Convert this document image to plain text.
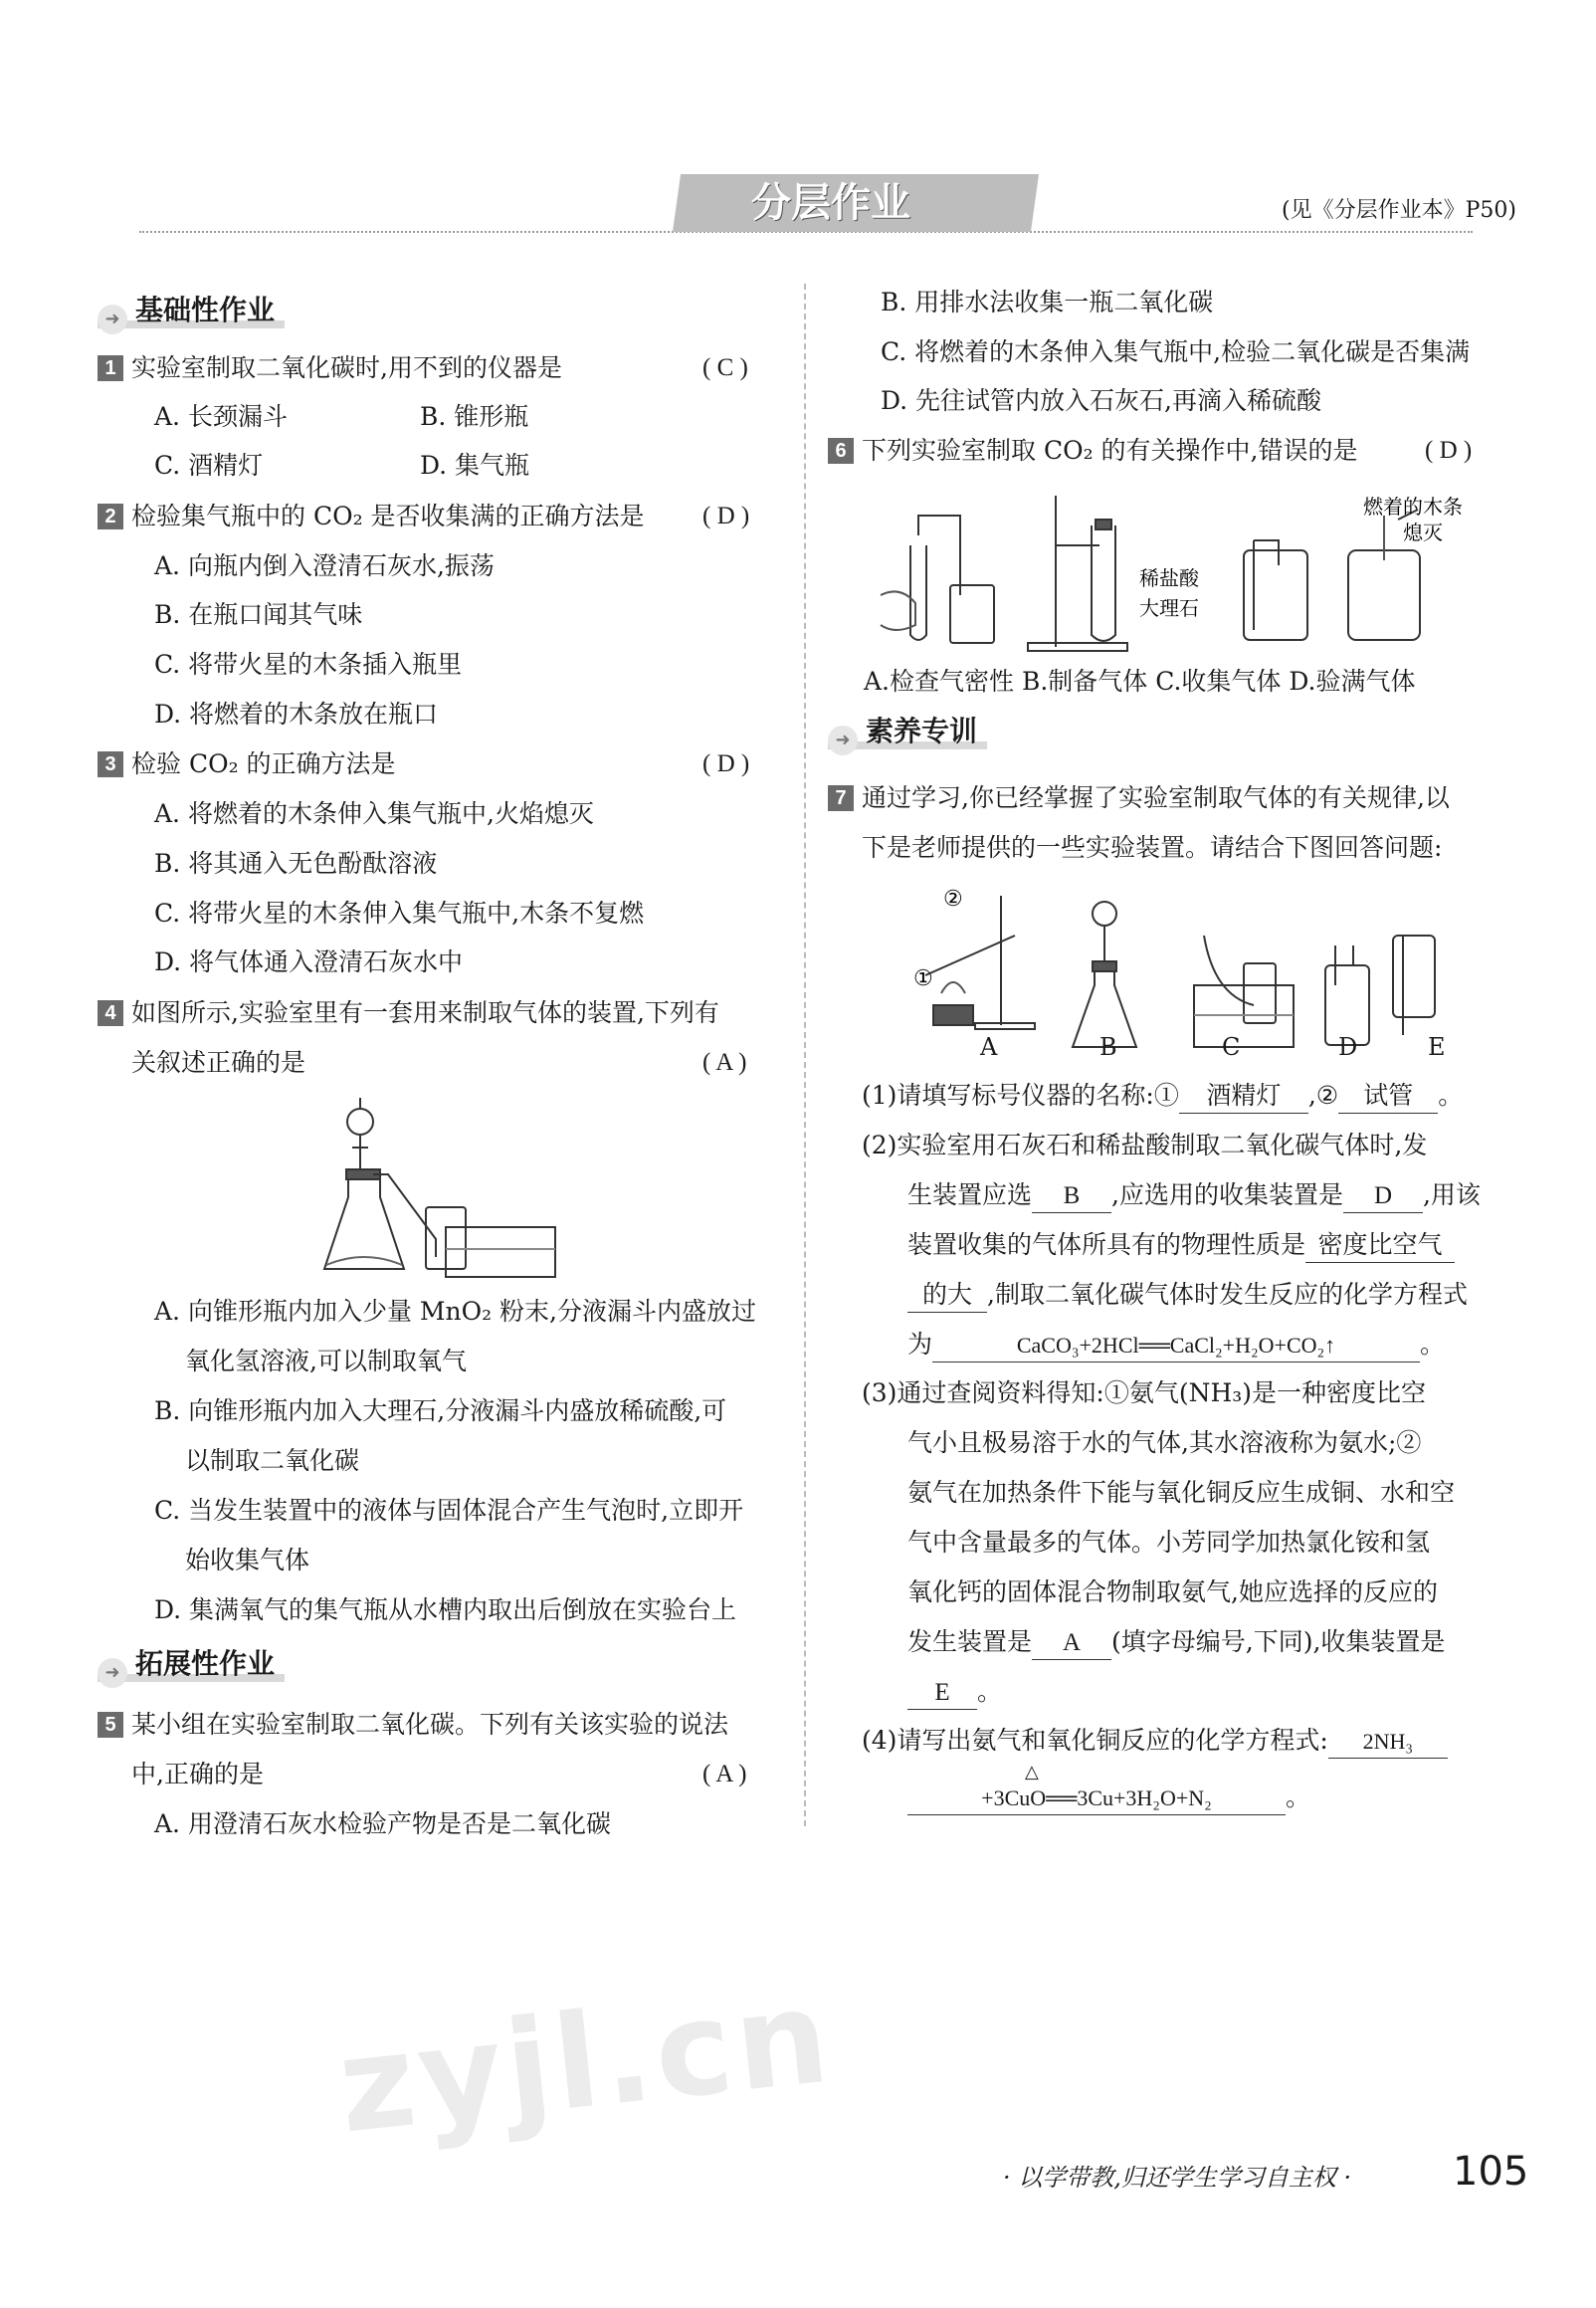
分层作业	(见《分层作业本》P50)
➜ 基础性作业
1 实验室制取二氧化碳时,用不到的仪器是	( C )
A. 长颈漏斗	B. 锥形瓶
C. 酒精灯	D. 集气瓶
2 检验集气瓶中的 CO₂ 是否收集满的正确方法是 ( D )
A. 向瓶内倒入澄清石灰水,振荡
B. 在瓶口闻其气味
C. 将带火星的木条插入瓶里
D. 将燃着的木条放在瓶口
3 检验 CO₂ 的正确方法是	( D )
A. 将燃着的木条伸入集气瓶中,火焰熄灭
B. 将其通入无色酚酞溶液
C. 将带火星的木条伸入集气瓶中,木条不复燃
D. 将气体通入澄清石灰水中
4 如图所示,实验室里有一套用来制取气体的装置,下列有
关叙述正确的是	( A )
A. 向锥形瓶内加入少量 MnO₂ 粉末,分液漏斗内盛放过
氧化氢溶液,可以制取氧气
B. 向锥形瓶内加入大理石,分液漏斗内盛放稀硫酸,可
以制取二氧化碳
C. 当发生装置中的液体与固体混合产生气泡时,立即开
始收集气体
D. 集满氧气的集气瓶从水槽内取出后倒放在实验台上
➜ 拓展性作业
5 某小组在实验室制取二氧化碳。下列有关该实验的说法
中,正确的是	( A )
A. 用澄清石灰水检验产物是否是二氧化碳
B. 用排水法收集一瓶二氧化碳
C. 将燃着的木条伸入集气瓶中,检验二氧化碳是否集满
D. 先往试管内放入石灰石,再滴入稀硫酸
6 下列实验室制取 CO₂ 的有关操作中,错误的是	( D )
稀盐酸
大理石
燃着的木条
熄灭
A.检查气密性 B.制备气体 C.收集气体 D.验满气体
➜ 素养专训
7 通过学习,你已经掌握了实验室制取气体的有关规律,以
下是老师提供的一些实验装置。请结合下图回答问题:
①
②
A	B	C	D	E
(1)请填写标号仪器的名称:① 酒精灯 ,② 试管 。
(2)实验室用石灰石和稀盐酸制取二氧化碳气体时,发
生装置应选 B ,应选用的收集装置是 D ,用该
装置收集的气体所具有的物理性质是 密度比空气
的大 ,制取二氧化碳气体时发生反应的化学方程式
为	CaCO₃+2HCl══CaCl₂+H₂O+CO₂↑	。
(3)通过查阅资料得知:①氨气(NH₃)是一种密度比空
气小且极易溶于水的气体,其水溶液称为氨水;②
氨气在加热条件下能与氧化铜反应生成铜、水和空
气中含量最多的气体。小芳同学加热氯化铵和氢
氧化钙的固体混合物制取氨气,她应选择的反应的
发生装置是 A (填字母编号,下同),收集装置是
E 。
(4)请写出氨气和氧化铜反应的化学方程式: 2NH₃
△
+3CuO══3Cu+3H₂O+N₂	。
zyjl.cn
· 以学带教,归还学生学习自主权 ·	105
